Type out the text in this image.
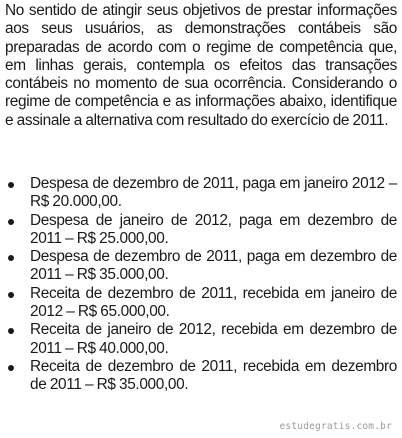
No sentido de atingir seus objetivos de prestar informações aos seus usuários, as demonstrações contábeis são preparadas de acordo com o regime de competência que, em linhas gerais, contempla os efeitos das transações contábeis no momento de sua ocorrência. Considerando o regime de competência e as informações abaixo, identifique e assinale a alternativa com resultado do exercício de 2011.

Despesa de dezembro de 2011, paga em janeiro 2012 – R$ 20.000,00.
Despesa de janeiro de 2012, paga em dezembro de 2011 – R$ 25.000,00.
Despesa de dezembro de 2011, paga em dezembro de 2011 – R$ 35.000,00.
Receita de dezembro de 2011, recebida em janeiro de 2012 – R$ 65.000,00.
Receita de janeiro de 2012, recebida em dezembro de 2011 – R$ 40.000,00.
Receita de dezembro de 2011, recebida em dezembro de 2011 – R$ 35.000,00.
estudegratis.com.br
